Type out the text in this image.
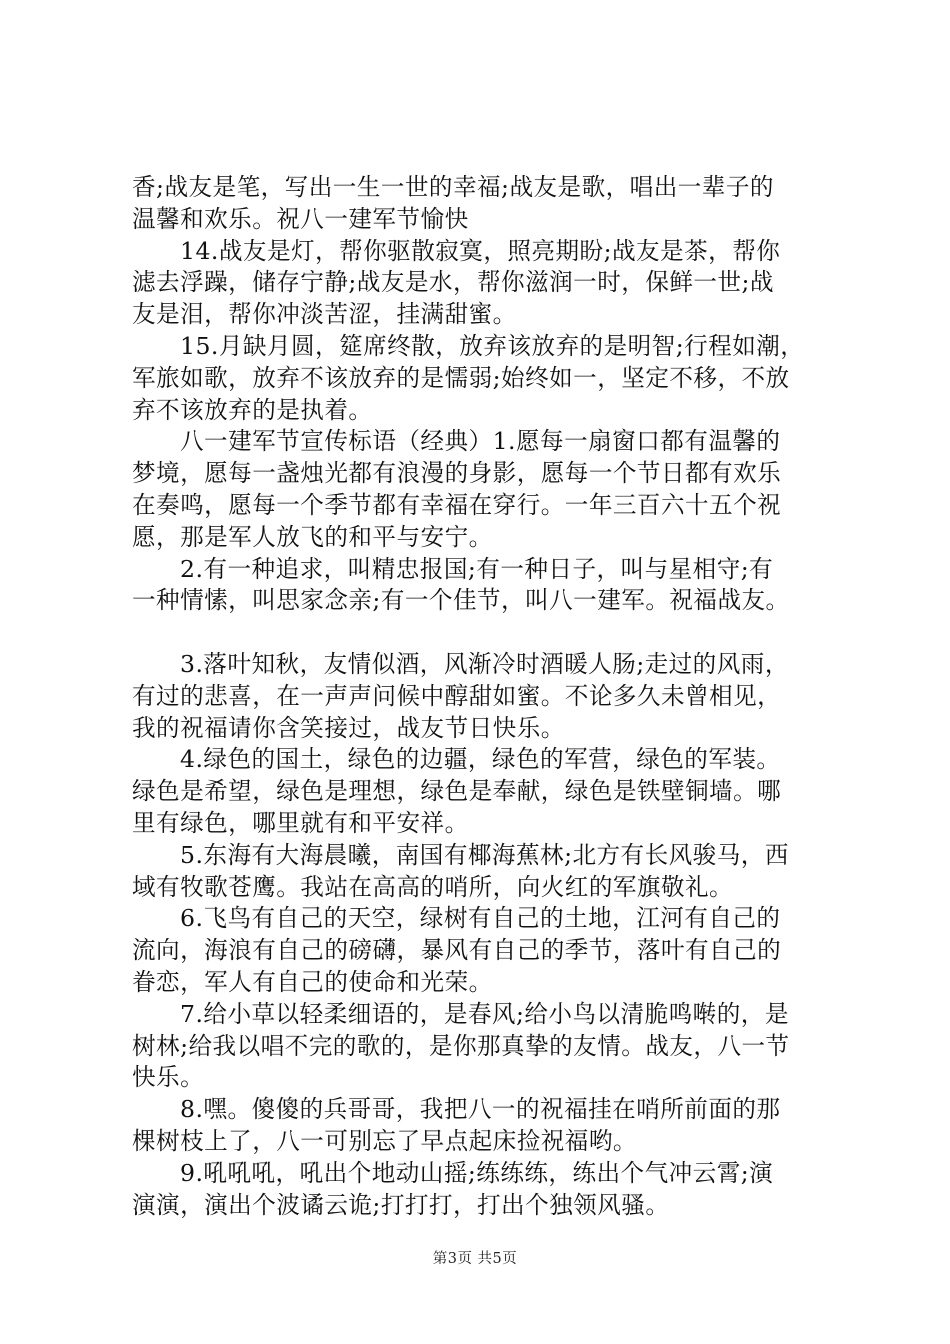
香;战友是笔，写出一生一世的幸福;战友是歌，唱出一辈子的
温馨和欢乐。祝八一建军节愉快
14.战友是灯，帮你驱散寂寞，照亮期盼;战友是茶，帮你
滤去浮躁，储存宁静;战友是水，帮你滋润一时，保鲜一世;战
友是泪，帮你冲淡苦涩，挂满甜蜜。
15.月缺月圆，筵席终散，放弃该放弃的是明智;行程如潮，
军旅如歌，放弃不该放弃的是懦弱;始终如一，坚定不移，不放
弃不该放弃的是执着。
八一建军节宣传标语（经典）1.愿每一扇窗口都有温馨的
梦境，愿每一盏烛光都有浪漫的身影，愿每一个节日都有欢乐
在奏鸣，愿每一个季节都有幸福在穿行。一年三百六十五个祝
愿，那是军人放飞的和平与安宁。
2.有一种追求，叫精忠报国;有一种日子，叫与星相守;有
一种情愫，叫思家念亲;有一个佳节，叫八一建军。祝福战友。
3.落叶知秋，友情似酒，风渐冷时酒暖人肠;走过的风雨，
有过的悲喜，在一声声问候中醇甜如蜜。不论多久未曾相见，
我的祝福请你含笑接过，战友节日快乐。
4.绿色的国土，绿色的边疆，绿色的军营，绿色的军装。
绿色是希望，绿色是理想，绿色是奉献，绿色是铁壁铜墙。哪
里有绿色，哪里就有和平安祥。
5.东海有大海晨曦，南国有椰海蕉林;北方有长风骏马，西
域有牧歌苍鹰。我站在高高的哨所，向火红的军旗敬礼。
6.飞鸟有自己的天空，绿树有自己的土地，江河有自己的
流向，海浪有自己的磅礴，暴风有自己的季节，落叶有自己的
眷恋，军人有自己的使命和光荣。
7.给小草以轻柔细语的，是春风;给小鸟以清脆鸣啭的，是
树林;给我以唱不完的歌的，是你那真挚的友情。战友，八一节
快乐。
8.嘿。傻傻的兵哥哥，我把八一的祝福挂在哨所前面的那
棵树枝上了，八一可别忘了早点起床捡祝福哟。
9.吼吼吼，吼出个地动山摇;练练练，练出个气冲云霄;演
演演，演出个波谲云诡;打打打，打出个独领风骚。
第3页 共5页
